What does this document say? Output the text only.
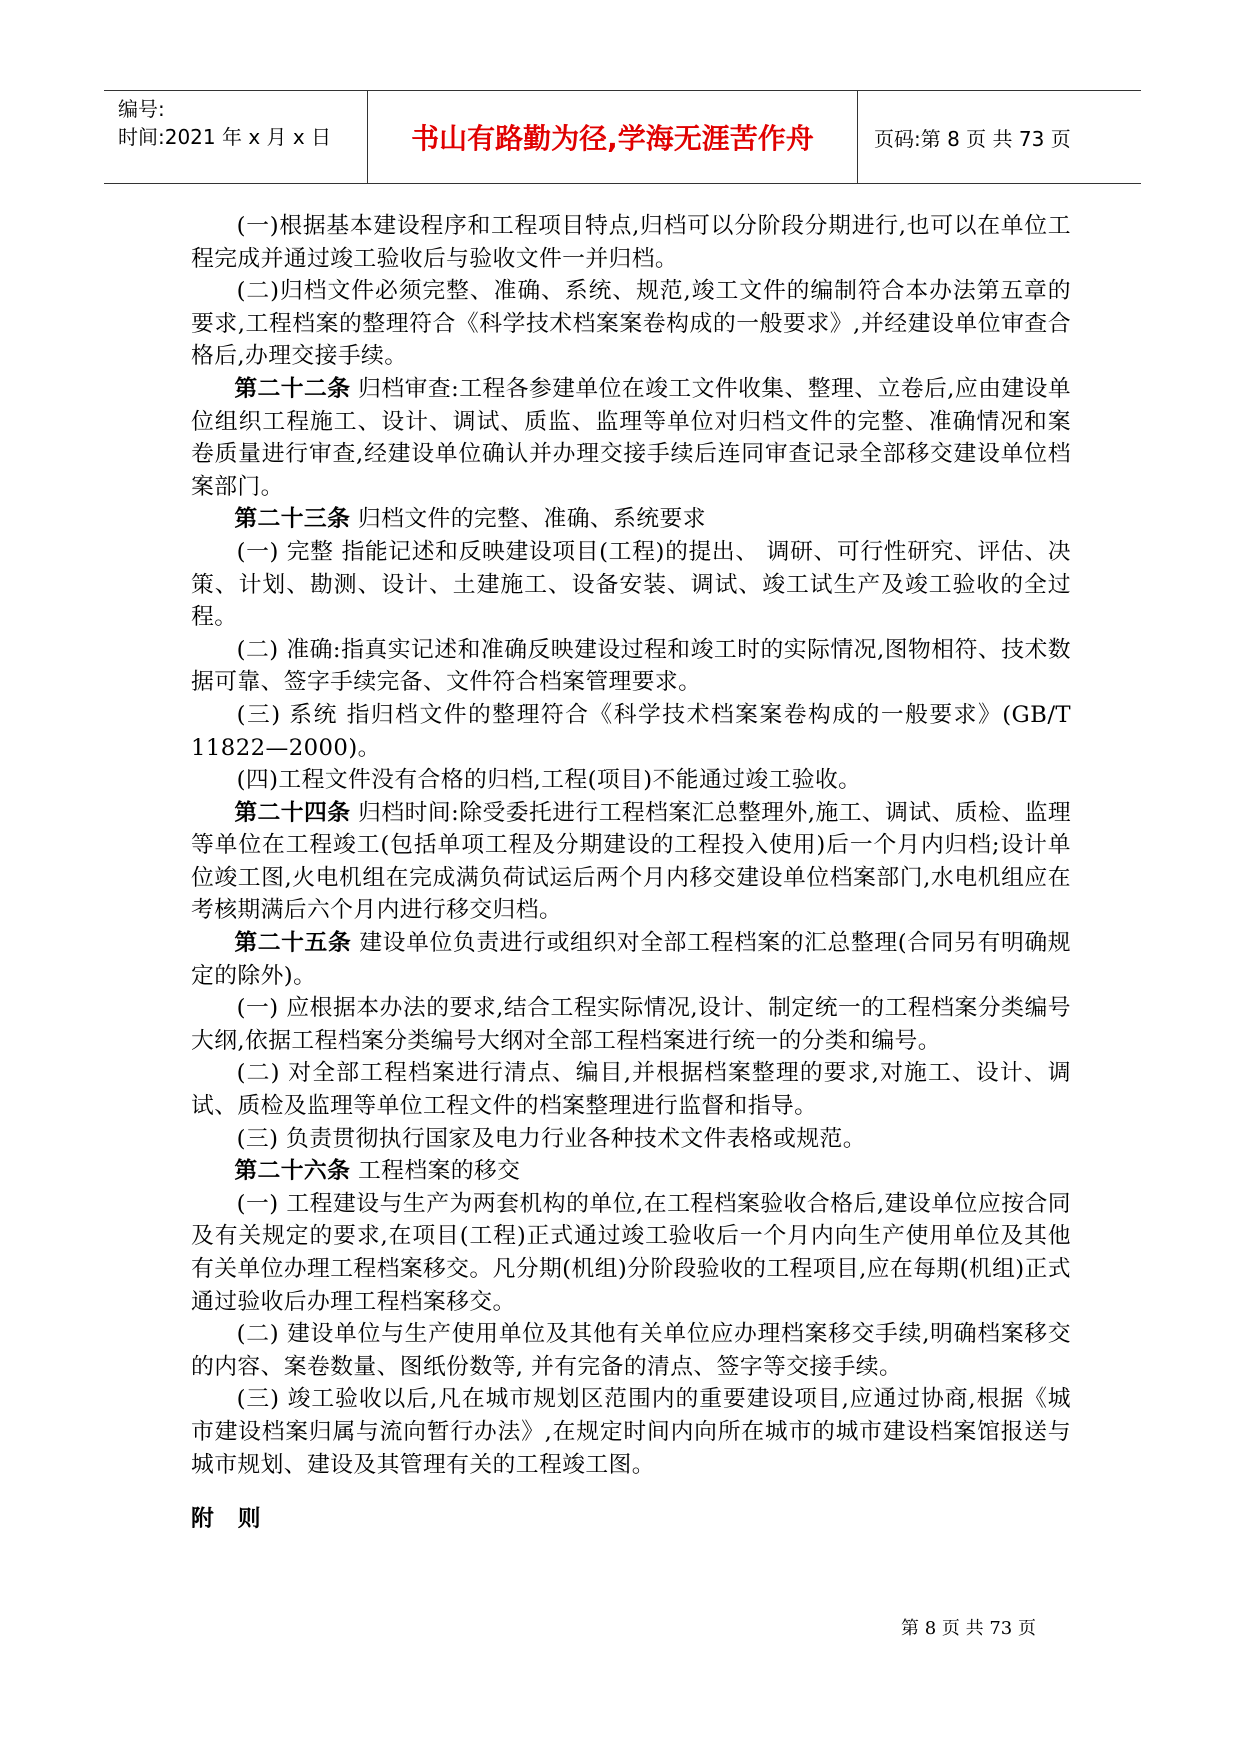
编号:
时间:2021 年 x 月 x 日	书山有路勤为径,学海无涯苦作舟	页码:第 8 页 共 73 页

(一)根据基本建设程序和工程项目特点,归档可以分阶段分期进行,也可以在单位工程完成并通过竣工验收后与验收文件一并归档。

(二)归档文件必须完整、准确、系统、规范,竣工文件的编制符合本办法第五章的要求,工程档案的整理符合《科学技术档案案卷构成的一般要求》,并经建设单位审查合格后,办理交接手续。

第二十二条 归档审查:工程各参建单位在竣工文件收集、整理、立卷后,应由建设单位组织工程施工、设计、调试、质监、监理等单位对归档文件的完整、准确情况和案卷质量进行审查,经建设单位确认并办理交接手续后连同审查记录全部移交建设单位档案部门。

第二十三条 归档文件的完整、准确、系统要求

(一) 完整 指能记述和反映建设项目(工程)的提出、 调研、可行性研究、评估、决策、计划、勘测、设计、土建施工、设备安装、调试、竣工试生产及竣工验收的全过程。

(二) 准确:指真实记述和准确反映建设过程和竣工时的实际情况,图物相符、技术数据可靠、签字手续完备、文件符合档案管理要求。

(三) 系统 指归档文件的整理符合《科学技术档案案卷构成的一般要求》(GB/T 11822—2000)。

(四)工程文件没有合格的归档,工程(项目)不能通过竣工验收。

第二十四条 归档时间:除受委托进行工程档案汇总整理外,施工、调试、质检、监理等单位在工程竣工(包括单项工程及分期建设的工程投入使用)后一个月内归档;设计单位竣工图,火电机组在完成满负荷试运后两个月内移交建设单位档案部门,水电机组应在考核期满后六个月内进行移交归档。

第二十五条 建设单位负责进行或组织对全部工程档案的汇总整理(合同另有明确规定的除外)。

(一) 应根据本办法的要求,结合工程实际情况,设计、制定统一的工程档案分类编号大纲,依据工程档案分类编号大纲对全部工程档案进行统一的分类和编号。

(二) 对全部工程档案进行清点、编目,并根据档案整理的要求,对施工、设计、调试、质检及监理等单位工程文件的档案整理进行监督和指导。

(三) 负责贯彻执行国家及电力行业各种技术文件表格或规范。

第二十六条 工程档案的移交

(一) 工程建设与生产为两套机构的单位,在工程档案验收合格后,建设单位应按合同及有关规定的要求,在项目(工程)正式通过竣工验收后一个月内向生产使用单位及其他有关单位办理工程档案移交。凡分期(机组)分阶段验收的工程项目,应在每期(机组)正式通过验收后办理工程档案移交。

(二) 建设单位与生产使用单位及其他有关单位应办理档案移交手续,明确档案移交的内容、案卷数量、图纸份数等, 并有完备的清点、签字等交接手续。

(三) 竣工验收以后,凡在城市规划区范围内的重要建设项目,应通过协商,根据《城市建设档案归属与流向暂行办法》,在规定时间内向所在城市的城市建设档案馆报送与城市规划、建设及其管理有关的工程竣工图。

附 则

第 8 页 共 73 页
